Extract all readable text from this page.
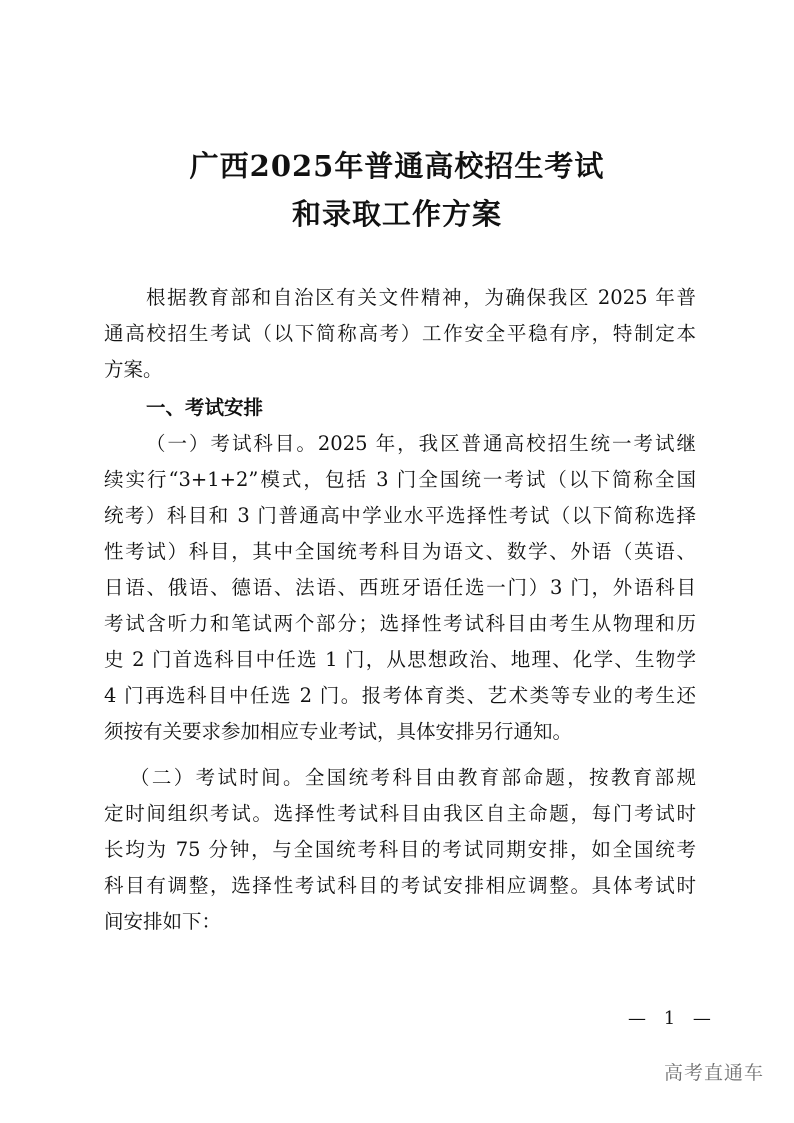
广西2025年普通高校招生考试
和录取工作方案
根据教育部和自治区有关文件精神，为确保我区 2025 年普
通高校招生考试（以下简称高考）工作安全平稳有序，特制定本
方案。
一、考试安排
（一）考试科目。2025 年，我区普通高校招生统一考试继
续实行“3+1+2”模式，包括 3 门全国统一考试（以下简称全国
统考）科目和 3 门普通高中学业水平选择性考试（以下简称选择
性考试）科目，其中全国统考科目为语文、数学、外语（英语、
日语、俄语、德语、法语、西班牙语任选一门）3 门，外语科目
考试含听力和笔试两个部分；选择性考试科目由考生从物理和历
史 2 门首选科目中任选 1 门，从思想政治、地理、化学、生物学
4 门再选科目中任选 2 门。报考体育类、艺术类等专业的考生还
须按有关要求参加相应专业考试，具体安排另行通知。
（二）考试时间。全国统考科目由教育部命题，按教育部规
定时间组织考试。选择性考试科目由我区自主命题，每门考试时
长均为 75 分钟，与全国统考科目的考试同期安排，如全国统考
科目有调整，选择性考试科目的考试安排相应调整。具体考试时
间安排如下：
— 1 —
高考直通车
